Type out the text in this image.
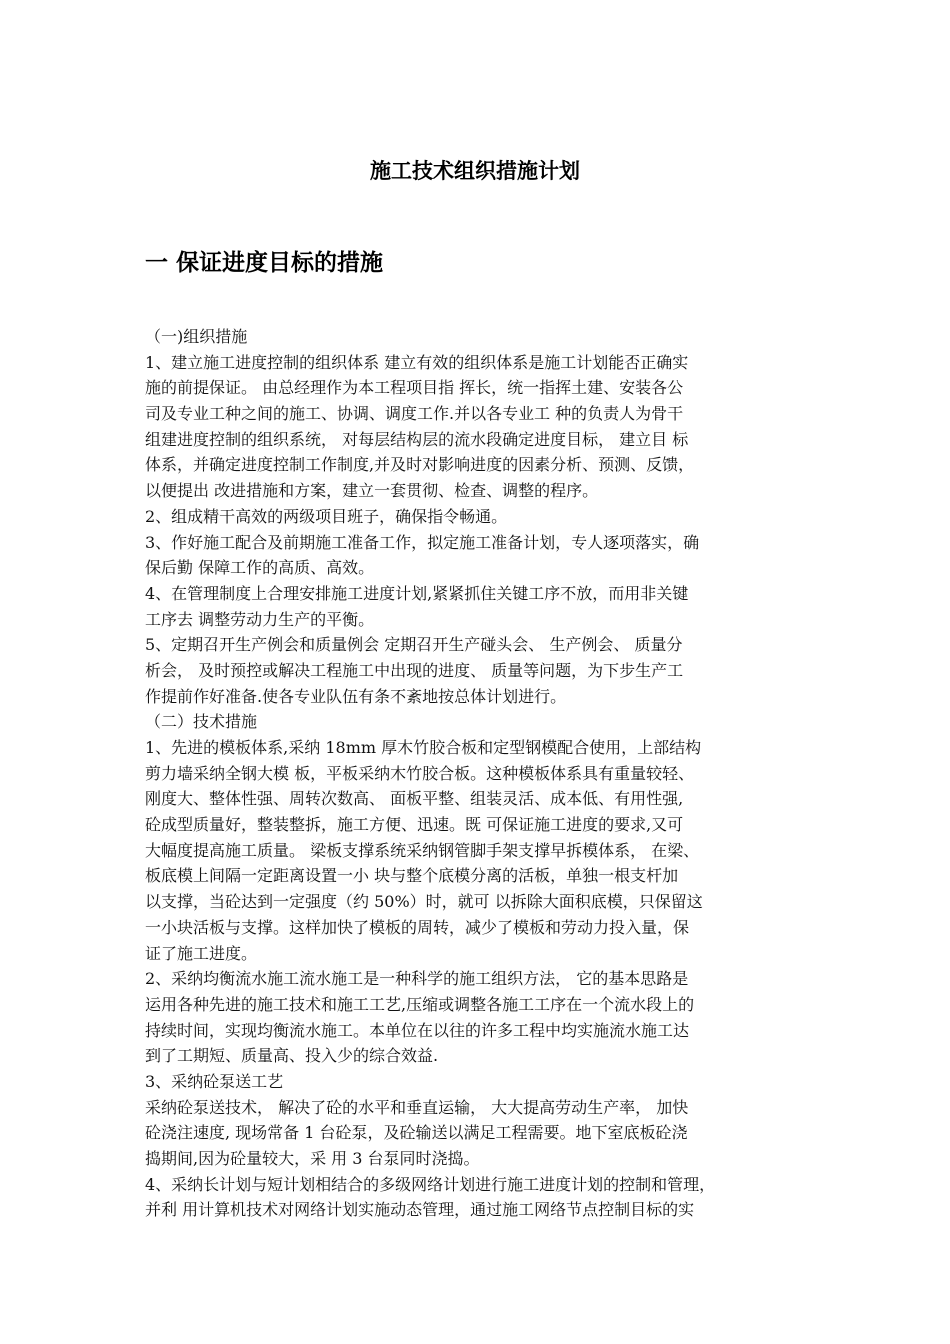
施工技术组织措施计划
一 保证进度目标的措施
（一)组织措施
1、建立施工进度控制的组织体系 建立有效的组织体系是施工计划能否正确实
施的前提保证。 由总经理作为本工程项目指 挥长，统一指挥土建、安装各公
司及专业工种之间的施工、协调、调度工作.并以各专业工 种的负责人为骨干
组建进度控制的组织系统， 对每层结构层的流水段确定进度目标， 建立目 标
体系，并确定进度控制工作制度,并及时对影响进度的因素分析、预测、反馈，
以便提出 改进措施和方案，建立一套贯彻、检查、调整的程序。
2、组成精干高效的两级项目班子，确保指令畅通。
3、作好施工配合及前期施工准备工作，拟定施工准备计划，专人逐项落实，确
保后勤 保障工作的高质、高效。
4、在管理制度上合理安排施工进度计划,紧紧抓住关键工序不放，而用非关键
工序去 调整劳动力生产的平衡。
5、定期召开生产例会和质量例会 定期召开生产碰头会、 生产例会、 质量分
析会， 及时预控或解决工程施工中出现的进度、 质量等问题，为下步生产工
作提前作好准备.使各专业队伍有条不紊地按总体计划进行。
（二）技术措施
1、先进的模板体系,采纳 18mm 厚木竹胶合板和定型钢模配合使用，上部结构
剪力墙采纳全钢大模 板，平板采纳木竹胶合板。这种模板体系具有重量较轻、
刚度大、整体性强、周转次数高、 面板平整、组装灵活、成本低、有用性强,
砼成型质量好，整装整拆，施工方便、迅速。既 可保证施工进度的要求,又可
大幅度提高施工质量。 梁板支撑系统采纳钢管脚手架支撑早拆模体系， 在梁、
板底模上间隔一定距离设置一小 块与整个底模分离的活板，单独一根支杆加
以支撑，当砼达到一定强度（约 50%）时，就可 以拆除大面积底模，只保留这
一小块活板与支撑。这样加快了模板的周转，减少了模板和劳动力投入量，保
证了施工进度。
2、采纳均衡流水施工流水施工是一种科学的施工组织方法， 它的基本思路是
运用各种先进的施工技术和施工工艺,压缩或调整各施工工序在一个流水段上的
持续时间，实现均衡流水施工。本单位在以往的许多工程中均实施流水施工达
到了工期短、质量高、投入少的综合效益.
3、采纳砼泵送工艺
采纳砼泵送技术， 解决了砼的水平和垂直运输， 大大提高劳动生产率， 加快
砼浇注速度, 现场常备 1 台砼泵，及砼输送以满足工程需要。地下室底板砼浇
捣期间,因为砼量较大，采 用 3 台泵同时浇捣。
4、采纳长计划与短计划相结合的多级网络计划进行施工进度计划的控制和管理，
并利 用计算机技术对网络计划实施动态管理，通过施工网络节点控制目标的实
